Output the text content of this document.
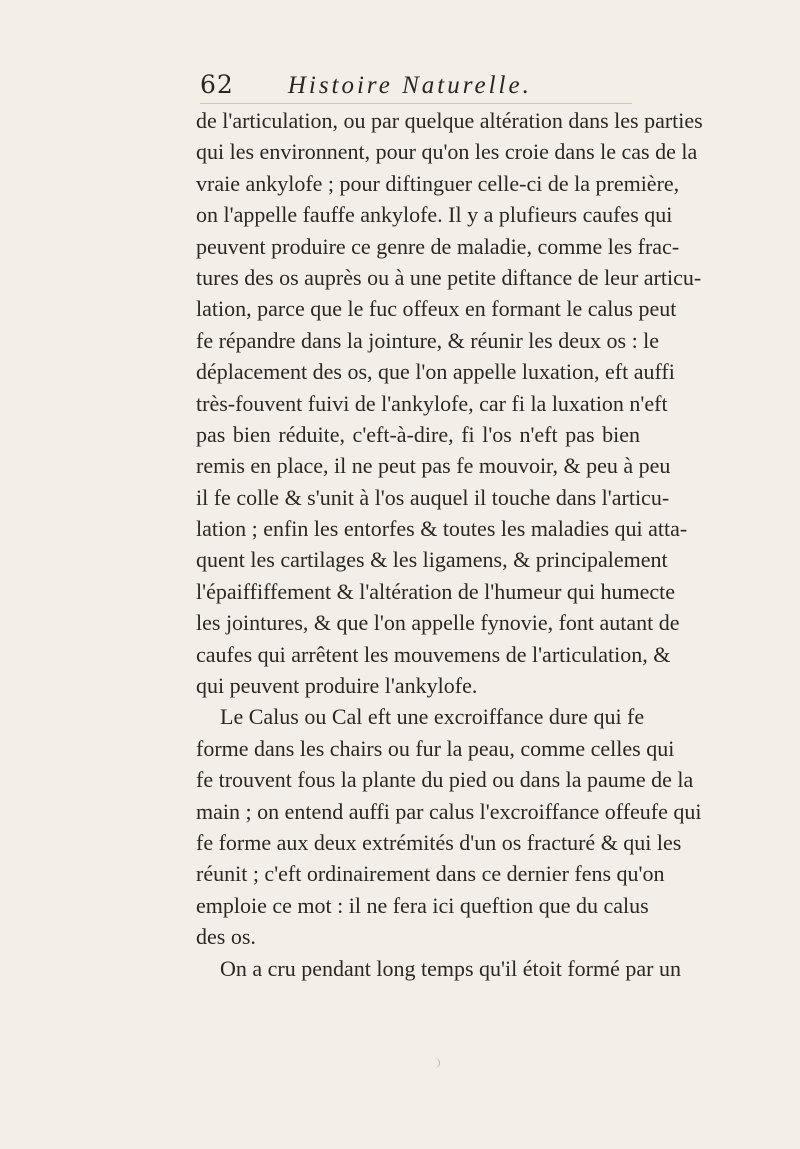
62 Histoire Naturelle.
de l'articulation, ou par quelque altération dans les parties
qui les environnent, pour qu'on les croie dans le cas de la
vraie ankylofe ; pour diftinguer celle-ci de la première,
on l'appelle fauffe ankylofe. Il y a plufieurs caufes qui
peuvent produire ce genre de maladie, comme les frac-
tures des os auprès ou à une petite diftance de leur articu-
lation, parce que le fuc offeux en formant le calus peut
fe répandre dans la jointure, & réunir les deux os : le
déplacement des os, que l'on appelle luxation, eft auffi
très-fouvent fuivi de l'ankylofe, car fi la luxation n'eft
pas bien réduite, c'eft-à-dire, fi l'os n'eft pas bien
remis en place, il ne peut pas fe mouvoir, & peu à peu
il fe colle & s'unit à l'os auquel il touche dans l'articu-
lation ; enfin les entorfes & toutes les maladies qui atta-
quent les cartilages & les ligamens, & principalement
l'épaiffiffement & l'altération de l'humeur qui humecte
les jointures, & que l'on appelle fynovie, font autant de
caufes qui arrêtent les mouvemens de l'articulation, &
qui peuvent produire l'ankylofe.
Le Calus ou Cal eft une excroiffance dure qui fe
forme dans les chairs ou fur la peau, comme celles qui
fe trouvent fous la plante du pied ou dans la paume de la
main ; on entend auffi par calus l'excroiffance offeufe qui
fe forme aux deux extrémités d'un os fracturé & qui les
réunit ; c'eft ordinairement dans ce dernier fens qu'on
emploie ce mot : il ne fera ici queftion que du calus
des os.
On a cru pendant long temps qu'il étoit formé par un
